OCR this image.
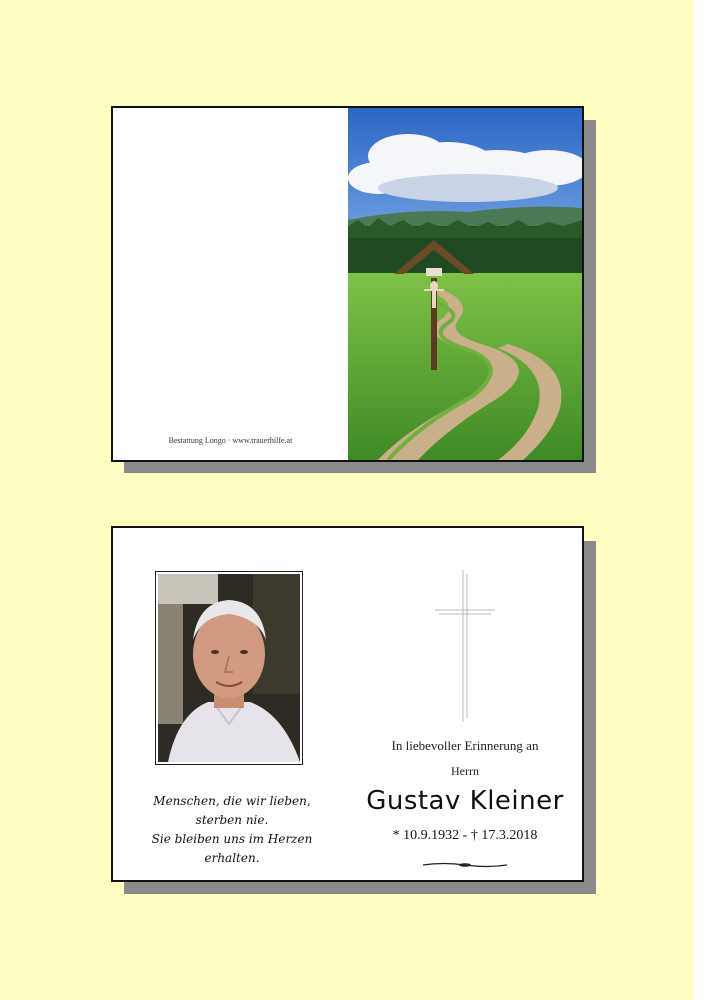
Bestattung Longo · www.trauerhilfe.at
Menschen, die wir lieben,
sterben nie.
Sie bleiben uns im Herzen erhalten.
In liebevoller Erinnerung an
Herrn
Gustav Kleiner
* 10.9.1932 - † 17.3.2018
